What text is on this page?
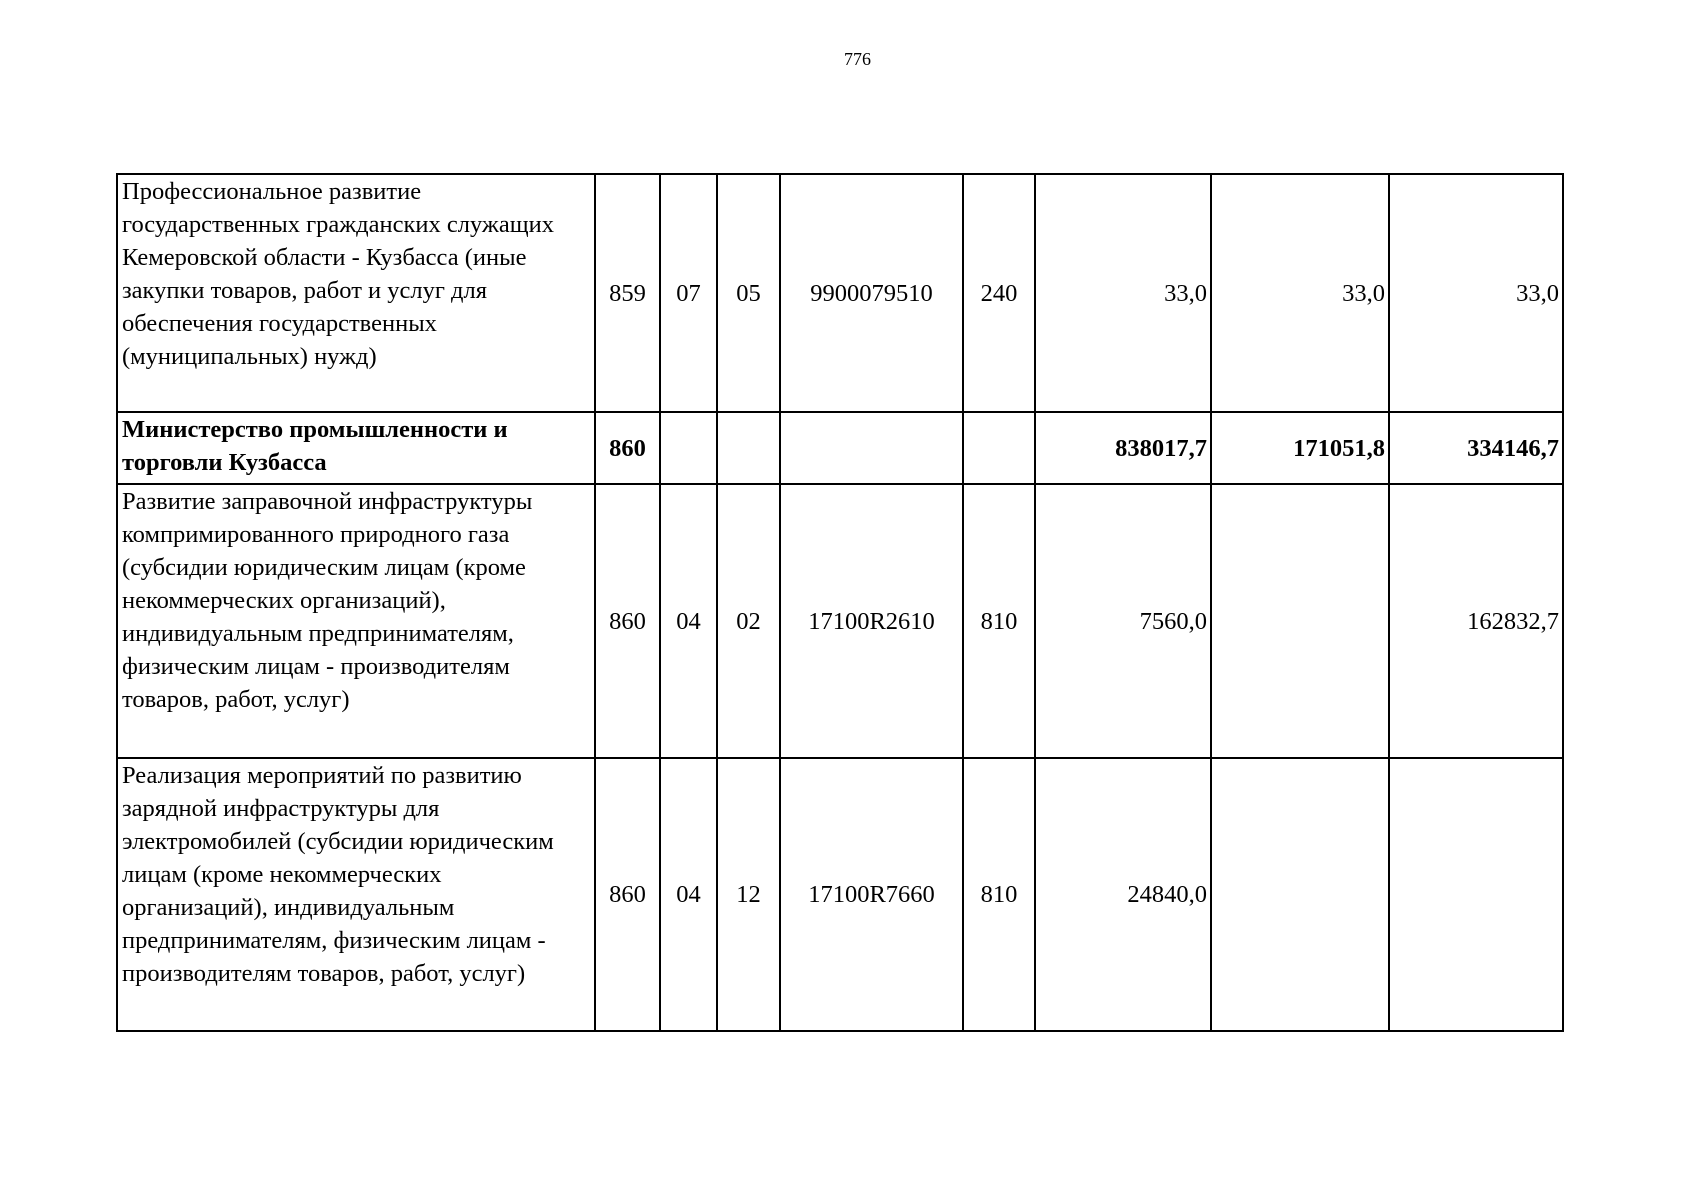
776
Профессиональное развитие государственных гражданских служащих Кемеровской области - Кузбасса (иные закупки товаров, работ и услуг для обеспечения государственных (муниципальных) нужд)	859	07	05	9900079510	240	33,0	33,0	33,0
Министерство промышленности и торговли Кузбасса	860					838017,7	171051,8	334146,7
Развитие заправочной инфраструктуры компримированного природного газа (субсидии юридическим лицам (кроме некоммерческих организаций), индивидуальным предпринимателям, физическим лицам - производителям товаров, работ, услуг)	860	04	02	17100R2610	810	7560,0		162832,7
Реализация мероприятий по развитию зарядной инфраструктуры для электромобилей (субсидии юридическим лицам (кроме некоммерческих организаций), индивидуальным предпринимателям, физическим лицам - производителям товаров, работ, услуг)	860	04	12	17100R7660	810	24840,0		
